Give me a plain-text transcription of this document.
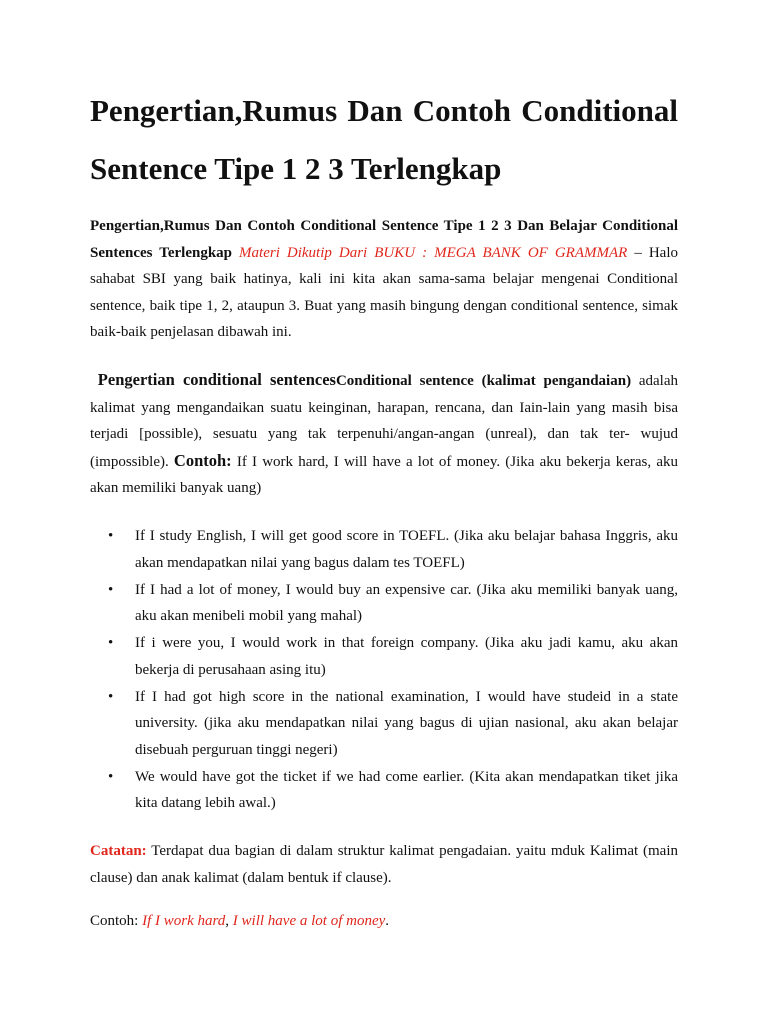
Pengertian,Rumus Dan Contoh Conditional
Sentence Tipe 1 2 3 Terlengkap

Pengertian,Rumus Dan Contoh Conditional Sentence Tipe 1 2 3 Dan Belajar Conditional Sentences Terlengkap Materi Dikutip Dari BUKU : MEGA BANK OF GRAMMAR – Halo sahabat SBI yang baik hatinya, kali ini kita akan sama-sama belajar mengenai Conditional sentence, baik tipe 1, 2, ataupun 3. Buat yang masih bingung dengan conditional sentence, simak baik-baik penjelasan dibawah ini.

Pengertian conditional sentencesConditional sentence (kalimat pengandaian) adalah kalimat yang mengandaikan suatu keinginan, harapan, rencana, dan Iain-lain yang masih bisa terjadi [possible), sesuatu yang tak terpenuhi/angan-angan (unreal), dan tak ter- wujud (impossible). Contoh: If I work hard, I will have a lot of money. (Jika aku bekerja keras, aku akan memiliki banyak uang)

• If I study English, I will get good score in TOEFL. (Jika aku belajar bahasa Inggris, aku akan mendapatkan nilai yang bagus dalam tes TOEFL)
• If I had a lot of money, I would buy an expensive car. (Jika aku memiliki banyak uang, aku akan menibeli mobil yang mahal)
• If i were you, I would work in that foreign company. (Jika aku jadi kamu, aku akan bekerja di perusahaan asing itu)
• If I had got high score in the national examination, I would have studeid in a state university. (jika aku mendapatkan nilai yang bagus di ujian nasional, aku akan belajar disebuah perguruan tinggi negeri)
• We would have got the ticket if we had come earlier. (Kita akan mendapatkan tiket jika kita datang lebih awal.)

Catatan: Terdapat dua bagian di dalam struktur kalimat pengadaian. yaitu mduk Kalimat (main clause) dan anak kalimat (dalam bentuk if clause).

Contoh: If I work hard, I will have a lot of money.
